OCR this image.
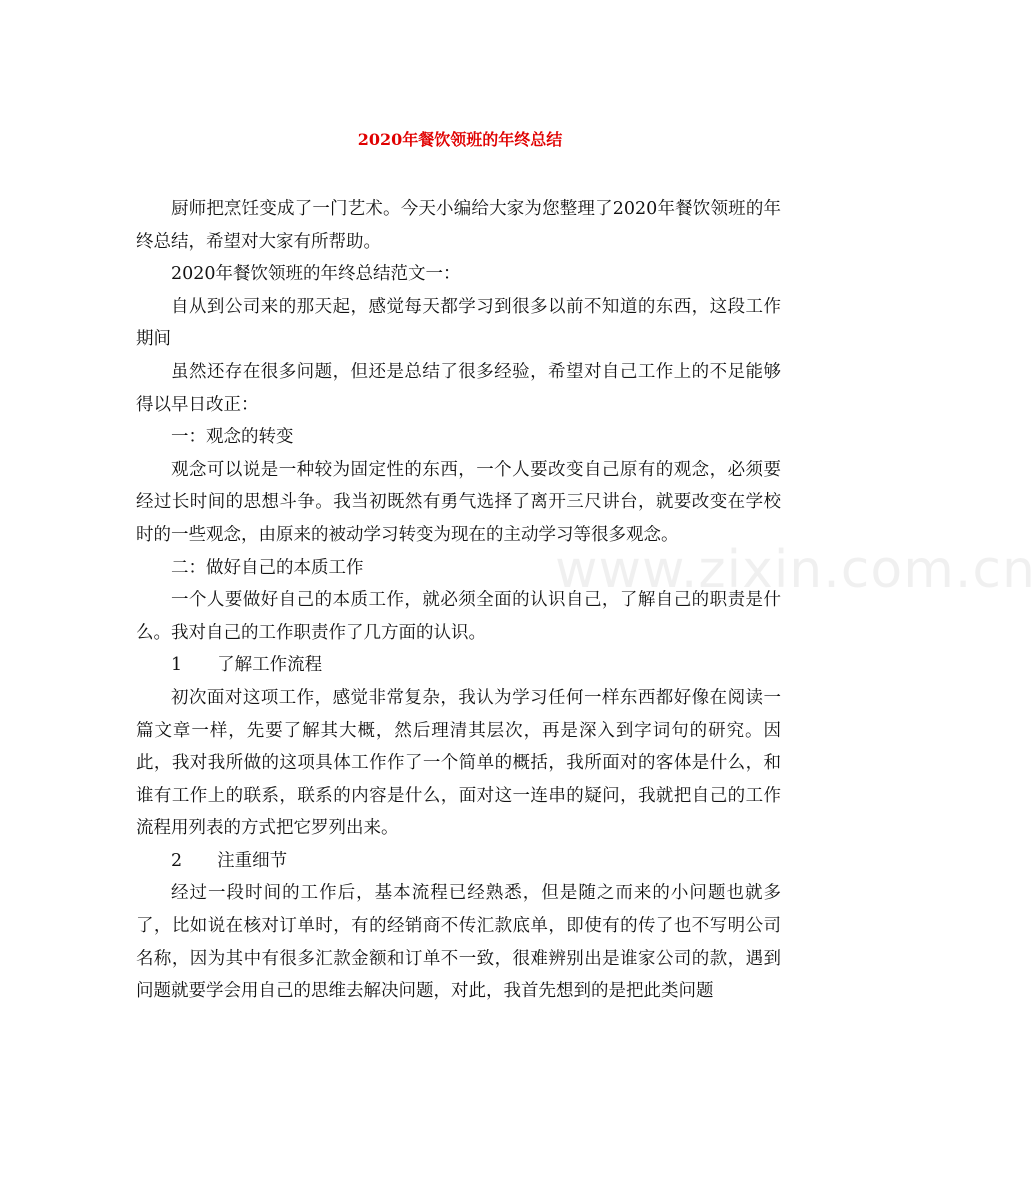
2020年餐饮领班的年终总结

厨师把烹饪变成了一门艺术。今天小编给大家为您整理了2020年餐饮领班的年终总结，希望对大家有所帮助。

2020年餐饮领班的年终总结范文一：

自从到公司来的那天起，感觉每天都学习到很多以前不知道的东西，这段工作期间

虽然还存在很多问题，但还是总结了很多经验，希望对自己工作上的不足能够得以早日改正：

一：观念的转变

观念可以说是一种较为固定性的东西，一个人要改变自己原有的观念，必须要经过长时间的思想斗争。我当初既然有勇气选择了离开三尺讲台，就要改变在学校时的一些观念，由原来的被动学习转变为现在的主动学习等很多观念。

二：做好自己的本质工作

一个人要做好自己的本质工作，就必须全面的认识自己，了解自己的职责是什么。我对自己的工作职责作了几方面的认识。

1　　了解工作流程

初次面对这项工作，感觉非常复杂，我认为学习任何一样东西都好像在阅读一篇文章一样，先要了解其大概，然后理清其层次，再是深入到字词句的研究。因此，我对我所做的这项具体工作作了一个简单的概括，我所面对的客体是什么，和谁有工作上的联系，联系的内容是什么，面对这一连串的疑问，我就把自己的工作流程用列表的方式把它罗列出来。

2　　注重细节

经过一段时间的工作后，基本流程已经熟悉，但是随之而来的小问题也就多了，比如说在核对订单时，有的经销商不传汇款底单，即使有的传了也不写明公司名称，因为其中有很多汇款金额和订单不一致，很难辨别出是谁家公司的款，遇到问题就要学会用自己的思维去解决问题，对此，我首先想到的是把此类问题

www.zixin.com.cn
